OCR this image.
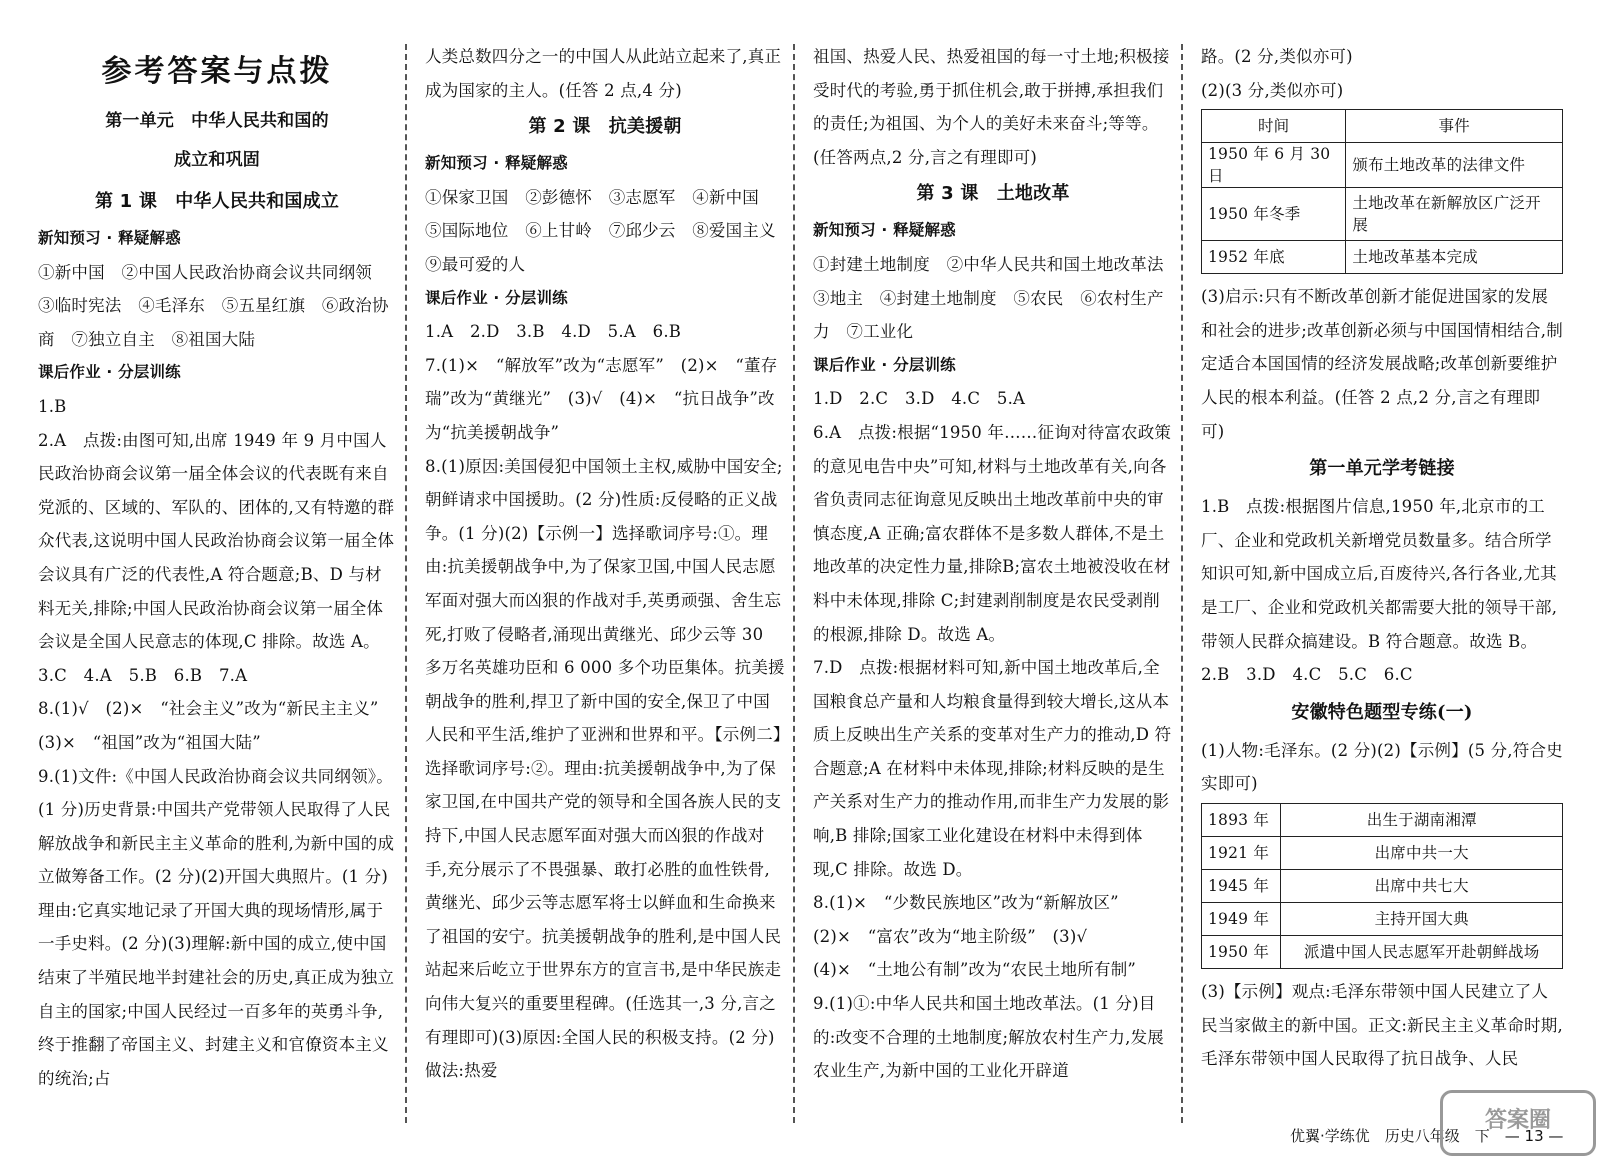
参考答案与点拨

第一单元　中华人民共和国的

成立和巩固

第 1 课　中华人民共和国成立

新知预习 · 释疑解惑

①新中国　②中国人民政治协商会议共同纲领　③临时宪法　④毛泽东　⑤五星红旗　⑥政治协商　⑦独立自主　⑧祖国大陆

课后作业 · 分层训练

1.B

2.A　点拨:由图可知,出席 1949 年 9 月中国人民政治协商会议第一届全体会议的代表既有来自党派的、区域的、军队的、团体的,又有特邀的群众代表,这说明中国人民政治协商会议第一届全体会议具有广泛的代表性,A 符合题意;B、D 与材料无关,排除;中国人民政治协商会议第一届全体会议是全国人民意志的体现,C 排除。故选 A。

3.C　4.A　5.B　6.B　7.A

8.(1)√　(2)×　“社会主义”改为“新民主主义”　(3)×　“祖国”改为“祖国大陆”

9.(1)文件:《中国人民政治协商会议共同纲领》。(1 分)历史背景:中国共产党带领人民取得了人民解放战争和新民主主义革命的胜利,为新中国的成立做筹备工作。(2 分)(2)开国大典照片。(1 分)理由:它真实地记录了开国大典的现场情形,属于一手史料。(2 分)(3)理解:新中国的成立,使中国结束了半殖民地半封建社会的历史,真正成为独立自主的国家;中国人民经过一百多年的英勇斗争,终于推翻了帝国主义、封建主义和官僚资本主义的统治;占

人类总数四分之一的中国人从此站立起来了,真正成为国家的主人。(任答 2 点,4 分)

第 2 课　抗美援朝

新知预习 · 释疑解惑

①保家卫国　②彭德怀　③志愿军　④新中国　⑤国际地位　⑥上甘岭　⑦邱少云　⑧爱国主义　⑨最可爱的人

课后作业 · 分层训练

1.A　2.D　3.B　4.D　5.A　6.B

7.(1)×　“解放军”改为“志愿军”　(2)×　“董存瑞”改为“黄继光”　(3)√　(4)×　“抗日战争”改为“抗美援朝战争”

8.(1)原因:美国侵犯中国领土主权,威胁中国安全;朝鲜请求中国援助。(2 分)性质:反侵略的正义战争。(1 分)(2)【示例一】选择歌词序号:①。理由:抗美援朝战争中,为了保家卫国,中国人民志愿军面对强大而凶狠的作战对手,英勇顽强、舍生忘死,打败了侵略者,涌现出黄继光、邱少云等 30 多万名英雄功臣和 6 000 多个功臣集体。抗美援朝战争的胜利,捍卫了新中国的安全,保卫了中国人民和平生活,维护了亚洲和世界和平。【示例二】选择歌词序号:②。理由:抗美援朝战争中,为了保家卫国,在中国共产党的领导和全国各族人民的支持下,中国人民志愿军面对强大而凶狠的作战对手,充分展示了不畏强暴、敢打必胜的血性铁骨,黄继光、邱少云等志愿军将士以鲜血和生命换来了祖国的安宁。抗美援朝战争的胜利,是中国人民站起来后屹立于世界东方的宣言书,是中华民族走向伟大复兴的重要里程碑。(任选其一,3 分,言之有理即可)(3)原因:全国人民的积极支持。(2 分)做法:热爱

祖国、热爱人民、热爱祖国的每一寸土地;积极接受时代的考验,勇于抓住机会,敢于拼搏,承担我们的责任;为祖国、为个人的美好未来奋斗;等等。(任答两点,2 分,言之有理即可)

第 3 课　土地改革

新知预习 · 释疑解惑

①封建土地制度　②中华人民共和国土地改革法　③地主　④封建土地制度　⑤农民　⑥农村生产力　⑦工业化

课后作业 · 分层训练

1.D　2.C　3.D　4.C　5.A

6.A　点拨:根据“1950 年……征询对待富农政策的意见电告中央”可知,材料与土地改革有关,向各省负责同志征询意见反映出土地改革前中央的审慎态度,A 正确;富农群体不是多数人群体,不是土地改革的决定性力量,排除B;富农土地被没收在材料中未体现,排除 C;封建剥削制度是农民受剥削的根源,排除 D。故选 A。

7.D　点拨:根据材料可知,新中国土地改革后,全国粮食总产量和人均粮食量得到较大增长,这从本质上反映出生产关系的变革对生产力的推动,D 符合题意;A 在材料中未体现,排除;材料反映的是生产关系对生产力的推动作用,而非生产力发展的影响,B 排除;国家工业化建设在材料中未得到体现,C 排除。故选 D。

8.(1)×　“少数民族地区”改为“新解放区”　(2)×　“富农”改为“地主阶级”　(3)√　(4)×　“土地公有制”改为“农民土地所有制”

9.(1)①:中华人民共和国土地改革法。(1 分)目的:改变不合理的土地制度;解放农村生产力,发展农业生产,为新中国的工业化开辟道

路。(2 分,类似亦可)

(2)(3 分,类似亦可)

时间	事件
1950 年 6 月 30 日	颁布土地改革的法律文件
1950 年冬季	土地改革在新解放区广泛开展
1952 年底	土地改革基本完成

(3)启示:只有不断改革创新才能促进国家的发展和社会的进步;改革创新必须与中国国情相结合,制定适合本国国情的经济发展战略;改革创新要维护人民的根本利益。(任答 2 点,2 分,言之有理即可)

第一单元学考链接

1.B　点拨:根据图片信息,1950 年,北京市的工厂、企业和党政机关新增党员数量多。结合所学知识可知,新中国成立后,百废待兴,各行各业,尤其是工厂、企业和党政机关都需要大批的领导干部,带领人民群众搞建设。B 符合题意。故选 B。

2.B　3.D　4.C　5.C　6.C

安徽特色题型专练(一)

(1)人物:毛泽东。(2 分)(2)【示例】(5 分,符合史实即可)

1893 年	出生于湖南湘潭
1921 年	出席中共一大
1945 年	出席中共七大
1949 年	主持开国大典
1950 年	派遣中国人民志愿军开赴朝鲜战场

(3)【示例】观点:毛泽东带领中国人民建立了人民当家做主的新中国。正文:新民主主义革命时期,毛泽东带领中国人民取得了抗日战争、人民

优翼·学练优　历史八年级　下　— 13 —
答案圈
